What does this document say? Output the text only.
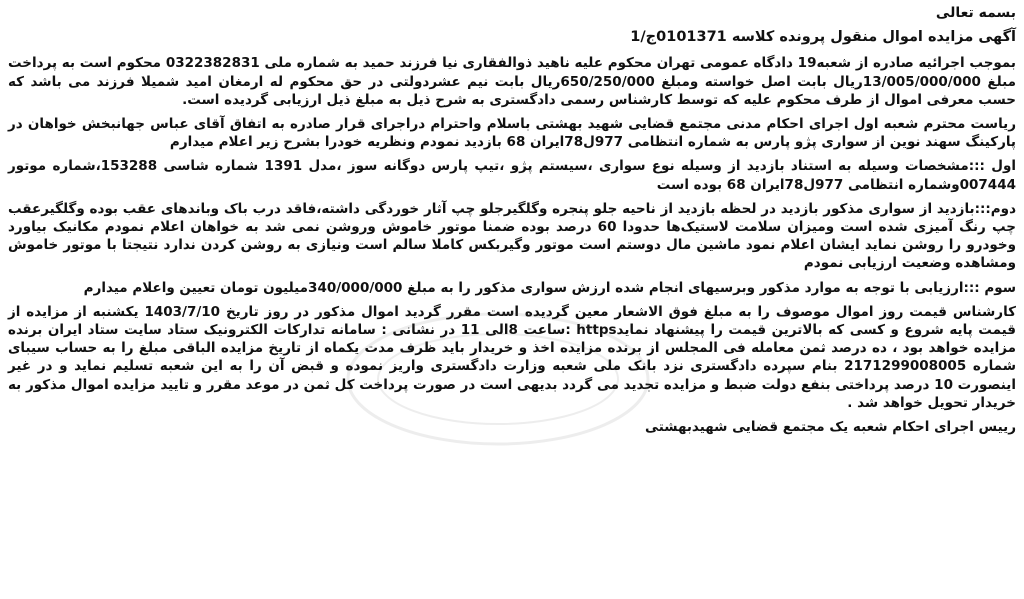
بسمه تعالی
آگهی مزایده اموال منقول پرونده کلاسه 0101371ج/1

بموجب اجرائیه صادره از شعبه19 دادگاه عمومی تهران محکوم علیه ناهید ذوالفقاری نیا فرزند حمید به شماره ملی 0322382831 محکوم است به پرداخت مبلغ 13/005/000/000ریال بابت اصل خواسته ومبلغ 650/250/000ریال بابت نیم عشردولتی در حق محکوم له ارمغان امید شمیلا فرزند می باشد که حسب معرفی اموال از طرف محکوم علیه که توسط کارشناس رسمی دادگستری به شرح ذیل به مبلغ ذیل ارزیابی گردیده است.

ریاست محترم شعبه اول اجرای احکام مدنی مجتمع قضایی شهید بهشتی باسلام واحترام دراجرای قرار صادره به اتفاق آقای عباس جهانبخش خواهان در پارکینگ سهند نوین از سواری پژو پارس به شماره انتظامی 977ل78ایران 68 بازدید نمودم ونظریه خودرا بشرح زیر اعلام میدارم

اول :::مشخصات وسیله به استناد بازدید از وسیله نوع سواری ،سیستم پژو ،تیپ پارس دوگانه سوز ،مدل 1391 شماره شاسی 153288،شماره موتور 007444وشماره انتظامی 977ل78ایران 68 بوده است

دوم:::بازدید از سواری مذکور بازدید در لحظه بازدید از ناحیه جلو پنجره وگلگیرجلو چپ آثار خوردگی داشته،فاقد درب باک وباندهای عقب بوده وگلگیرعقب چپ رنگ آمیزی شده است ومیزان سلامت لاستیک‌ها حدودا 60 درصد بوده ضمنا موتور خاموش وروشن نمی شد به خواهان اعلام نمودم مکانیک بیاورد وخودرو را روشن نماید ایشان اعلام نمود ماشین مال دوستم است موتور وگیربکس کاملا سالم است ونیازی به روشن کردن ندارد نتیجتا با موتور خاموش ومشاهده وضعیت ارزیابی نمودم

سوم :::ارزیابی با توجه به موارد مذکور وبرسیهای انجام شده ارزش سواری مذکور را به مبلغ 340/000/000میلیون تومان تعیین واعلام میدارم

کارشناس قیمت روز اموال موصوف را به مبلغ فوق الاشعار معین گردیده است مقرر گردید اموال مذکور در روز تاریخ 1403/7/10 یکشنبه از مزایده از قیمت پایه شروع و کسی که بالاترین قیمت را پیشنهاد نمایدhttps :ساعت 8الی 11 در نشانی : سامانه تدارکات الکترونیک ستاد سایت ستاد ایران برنده مزایده خواهد بود ، ده درصد ثمن معامله فی المجلس از برنده مزایده اخذ و خریدار باید ظرف مدت یکماه از تاریخ مزایده الباقی مبلغ را به حساب سیبای شماره 2171299008005 بنام سپرده دادگستری نزد بانک ملی شعبه وزارت دادگستری واریز نموده و قبض آن را به این شعبه تسلیم نماید و در غیر اینصورت 10 درصد پرداختی بنفع دولت ضبط و مزایده تجدید می گردد بدیهی است در صورت پرداخت کل ثمن در موعد مقرر و تایید مزایده اموال مذکور به خریدار تحویل خواهد شد .

رییس اجرای احکام شعبه یک مجتمع قضایی شهیدبهشتی
